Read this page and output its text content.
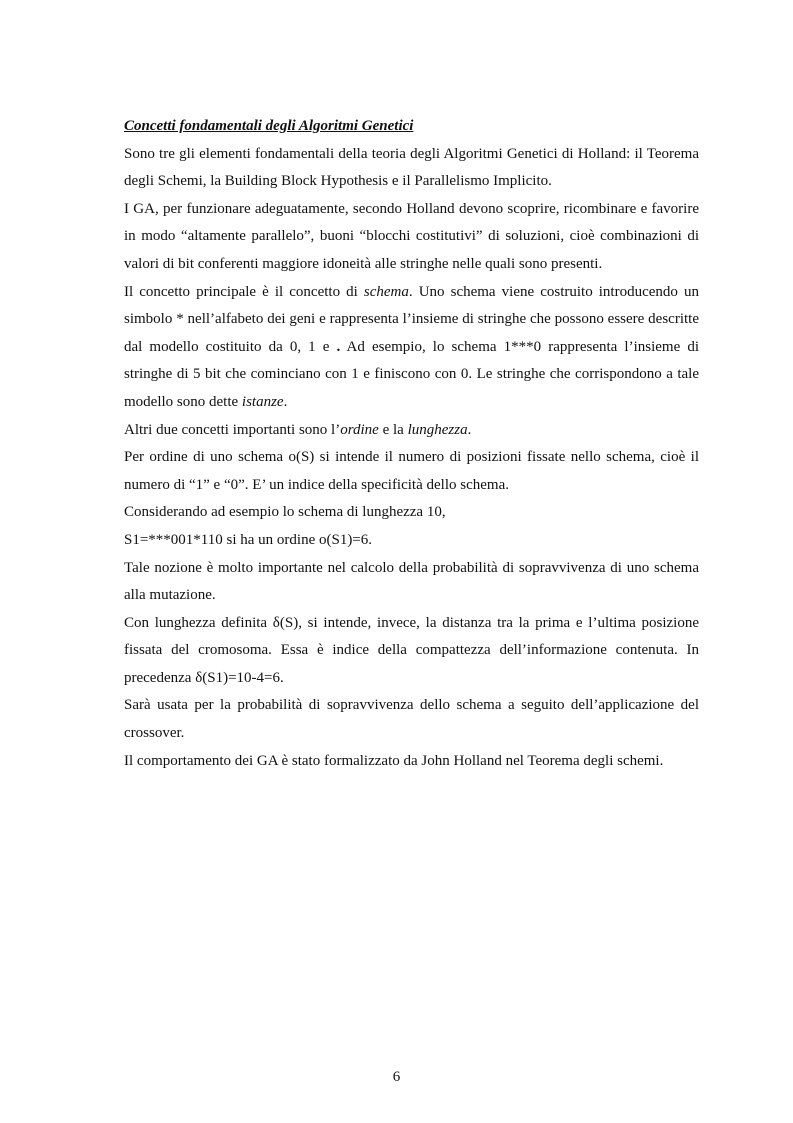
Concetti fondamentali degli Algoritmi Genetici

Sono tre gli elementi fondamentali della teoria degli Algoritmi Genetici di Holland: il Teorema degli Schemi, la Building Block Hypothesis e il Parallelismo Implicito.

I GA, per funzionare adeguatamente, secondo Holland devono scoprire, ricombinare e favorire in modo “altamente parallelo”, buoni “blocchi costitutivi” di soluzioni, cioè combinazioni di valori di bit conferenti maggiore idoneità alle stringhe nelle quali sono presenti.

Il concetto principale è il concetto di schema. Uno schema viene costruito introducendo un simbolo * nell’alfabeto dei geni e rappresenta l’insieme di stringhe che possono essere descritte dal modello costituito da 0, 1 e . Ad esempio, lo schema 1***0 rappresenta l’insieme di stringhe di 5 bit che cominciano con 1 e finiscono con 0. Le stringhe che corrispondono a tale modello sono dette istanze.

Altri due concetti importanti sono l’ordine e la lunghezza.

Per ordine di uno schema o(S) si intende il numero di posizioni fissate nello schema, cioè il numero di “1” e “0”. E’ un indice della specificità dello schema.

Considerando ad esempio lo schema di lunghezza 10,

S1=***001*110 si ha un ordine o(S1)=6.

Tale nozione è molto importante nel calcolo della probabilità di sopravvivenza di uno schema alla mutazione.

Con lunghezza definita δ(S), si intende, invece, la distanza tra la prima e l’ultima posizione fissata del cromosoma. Essa è indice della compattezza dell’informazione contenuta. In precedenza δ(S1)=10-4=6.

Sarà usata per la probabilità di sopravvivenza dello schema a seguito dell’applicazione del crossover.

Il comportamento dei GA è stato formalizzato da John Holland nel Teorema degli schemi.

6
